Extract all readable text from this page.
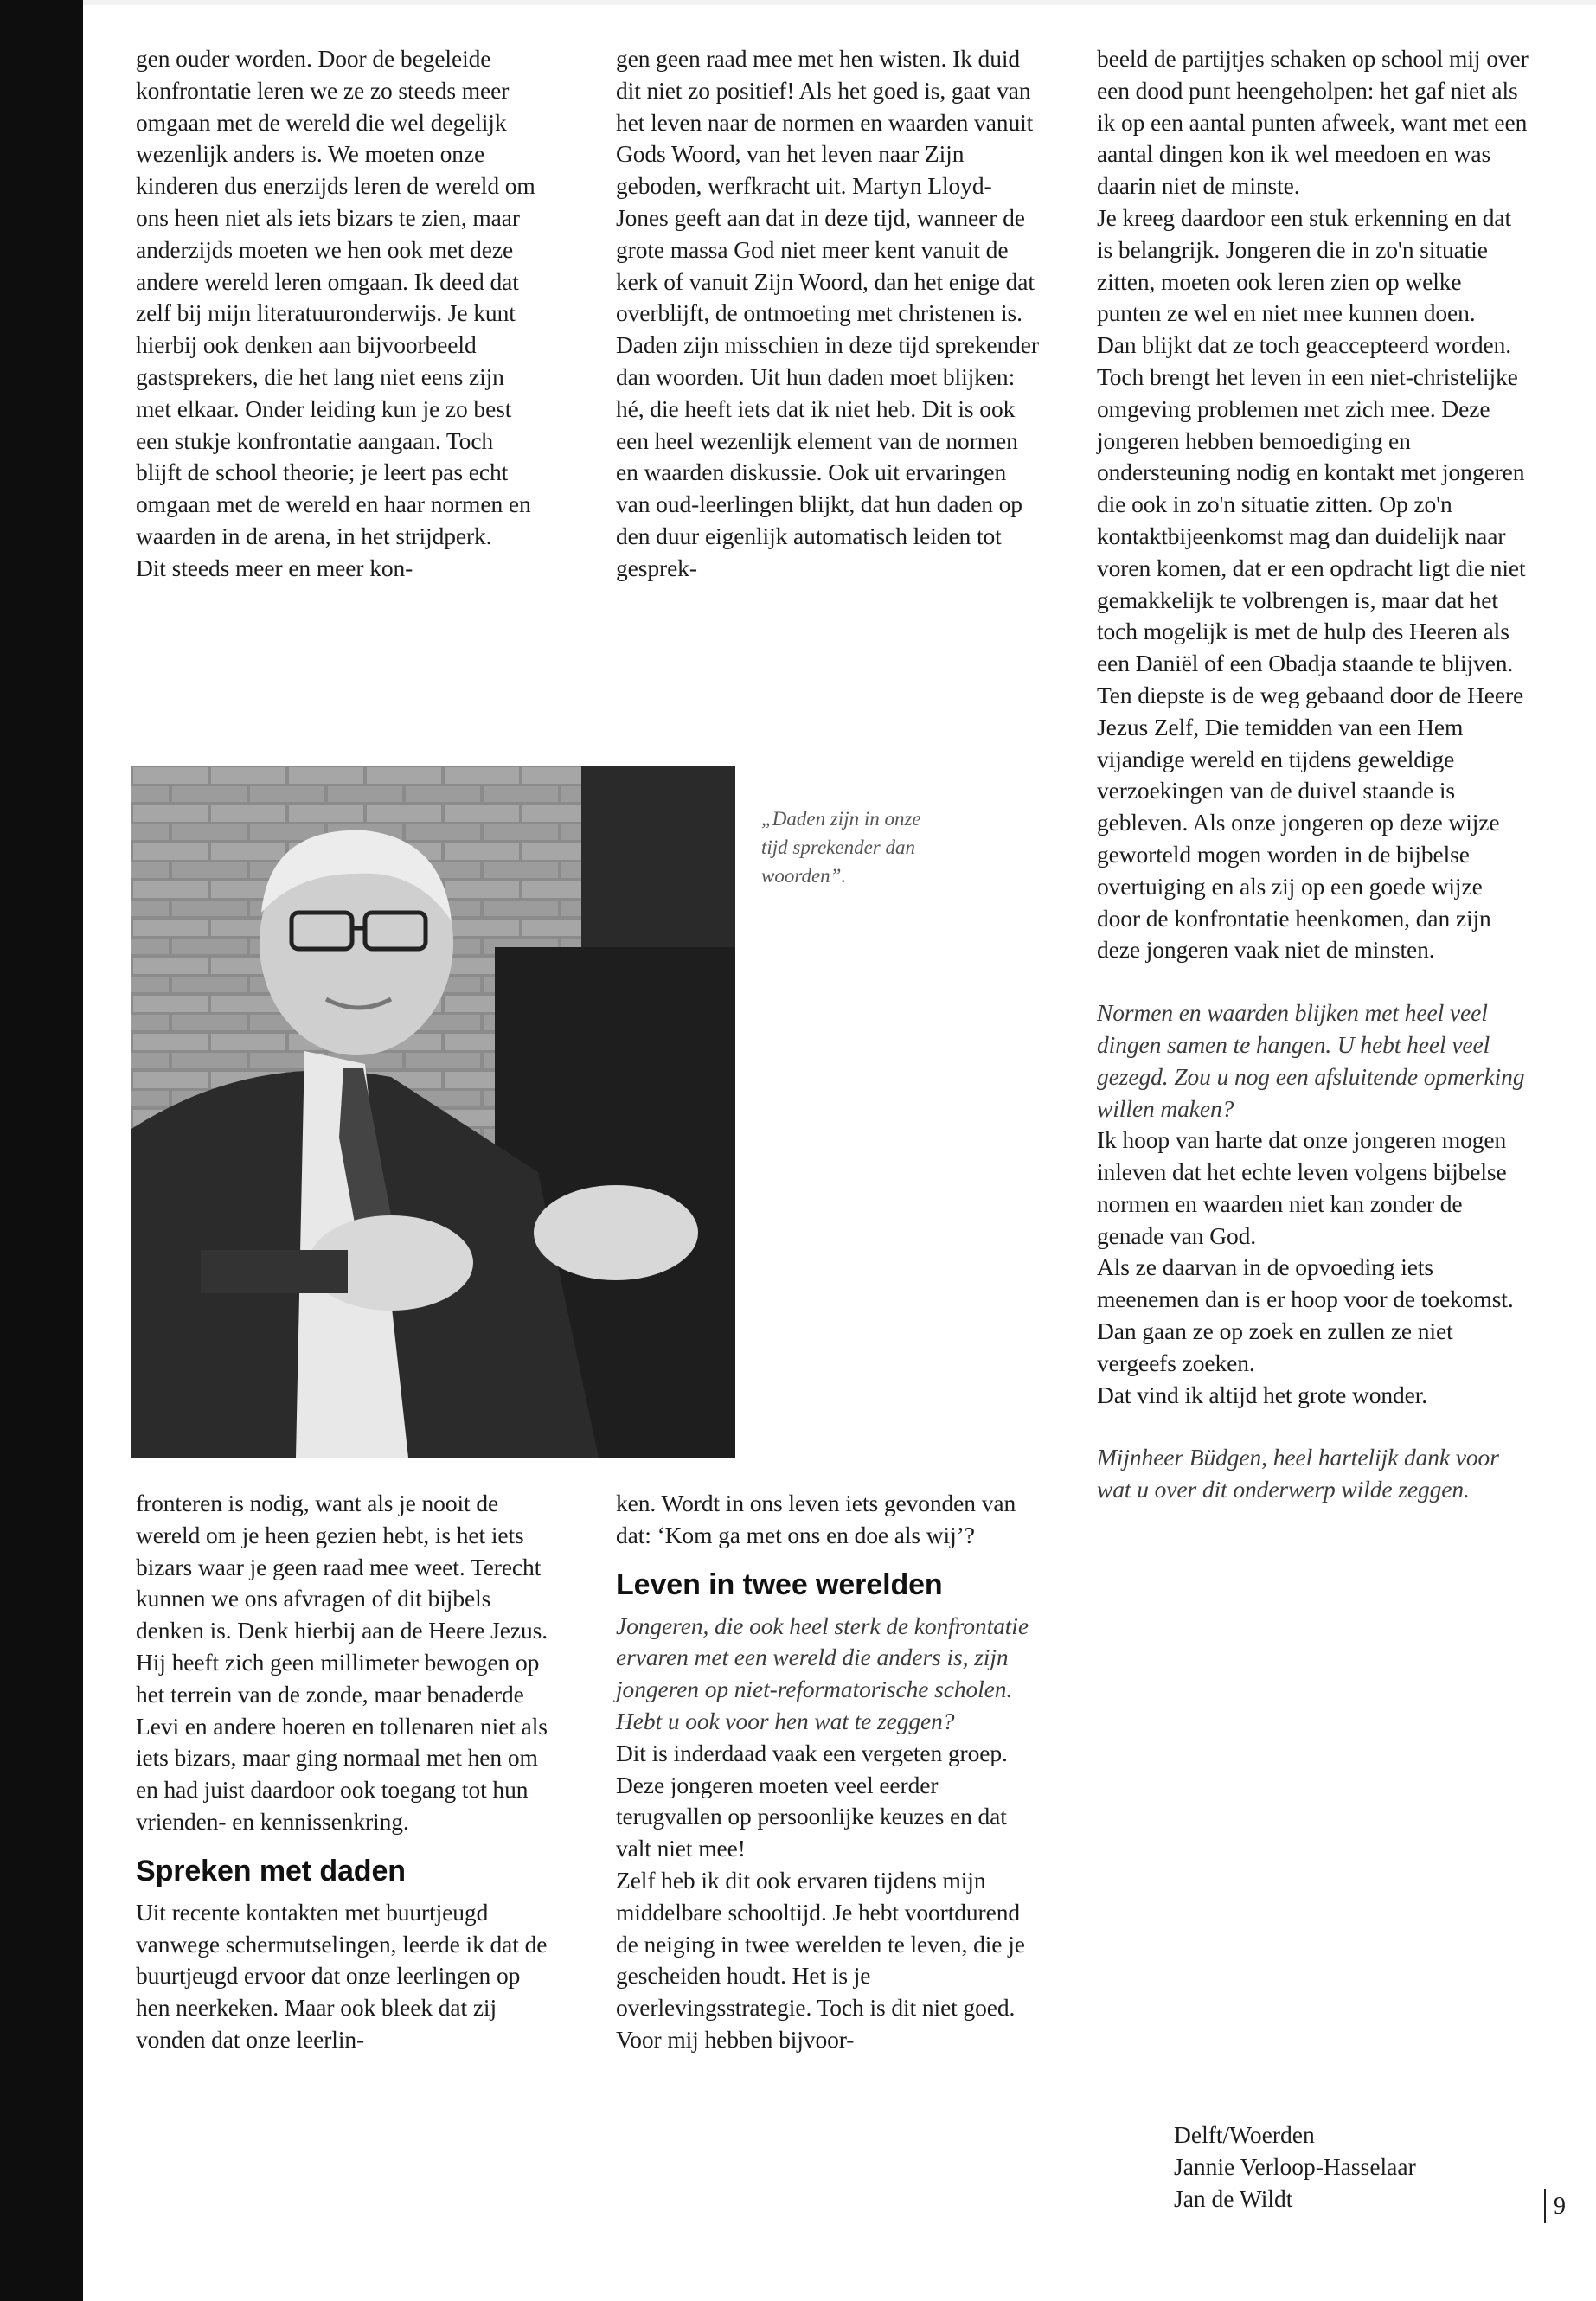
gen ouder worden. Door de begeleide konfrontatie leren we ze zo steeds meer omgaan met de wereld die wel degelijk wezenlijk anders is. We moeten onze kinderen dus enerzijds leren de wereld om ons heen niet als iets bizars te zien, maar anderzijds moeten we hen ook met deze andere wereld leren omgaan. Ik deed dat zelf bij mijn literatuuronderwijs. Je kunt hierbij ook denken aan bijvoorbeeld gastsprekers, die het lang niet eens zijn met elkaar. Onder leiding kun je zo best een stukje konfrontatie aangaan. Toch blijft de school theorie; je leert pas echt omgaan met de wereld en haar normen en waarden in de arena, in het strijdperk.

Dit steeds meer en meer kon-

gen geen raad mee met hen wisten. Ik duid dit niet zo positief! Als het goed is, gaat van het leven naar de normen en waarden vanuit Gods Woord, van het leven naar Zijn geboden, werfkracht uit. Martyn Lloyd-Jones geeft aan dat in deze tijd, wanneer de grote massa God niet meer kent vanuit de kerk of vanuit Zijn Woord, dan het enige dat overblijft, de ontmoeting met christenen is. Daden zijn misschien in deze tijd sprekender dan woorden. Uit hun daden moet blijken: hé, die heeft iets dat ik niet heb. Dit is ook een heel wezenlijk element van de normen en waarden diskussie. Ook uit ervaringen van oud-leerlingen blijkt, dat hun daden op den duur eigenlijk automatisch leiden tot gesprek-

beeld de partijtjes schaken op school mij over een dood punt heengeholpen: het gaf niet als ik op een aantal punten afweek, want met een aantal dingen kon ik wel meedoen en was daarin niet de minste.

Je kreeg daardoor een stuk erkenning en dat is belangrijk. Jongeren die in zo'n situatie zitten, moeten ook leren zien op welke punten ze wel en niet mee kunnen doen.

Dan blijkt dat ze toch geaccepteerd worden.

Toch brengt het leven in een niet-christelijke omgeving problemen met zich mee. Deze jongeren hebben bemoediging en ondersteuning nodig en kontakt met jongeren die ook in zo'n situatie zitten. Op zo'n kontaktbijeenkomst mag dan duidelijk naar voren komen, dat er een opdracht ligt die niet gemakkelijk te volbrengen is, maar dat het toch mogelijk is met de hulp des Heeren als een Daniël of een Obadja staande te blijven. Ten diepste is de weg gebaand door de Heere Jezus Zelf, Die temidden van een Hem vijandige wereld en tijdens geweldige verzoekingen van de duivel staande is gebleven. Als onze jongeren op deze wijze geworteld mogen worden in de bijbelse overtuiging en als zij op een goede wijze door de konfrontatie heenkomen, dan zijn deze jongeren vaak niet de minsten.

Normen en waarden blijken met heel veel dingen samen te hangen. U hebt heel veel gezegd. Zou u nog een afsluitende opmerking willen maken?

Ik hoop van harte dat onze jongeren mogen inleven dat het echte leven volgens bijbelse normen en waarden niet kan zonder de genade van God.

Als ze daarvan in de opvoeding iets meenemen dan is er hoop voor de toekomst.

Dan gaan ze op zoek en zullen ze niet vergeefs zoeken.

Dat vind ik altijd het grote wonder.

Mijnheer Büdgen, heel hartelijk dank voor wat u over dit onderwerp wilde zeggen.

„Daden zijn in onze tijd sprekender dan woorden”.

fronteren is nodig, want als je nooit de wereld om je heen gezien hebt, is het iets bizars waar je geen raad mee weet. Terecht kunnen we ons afvragen of dit bijbels denken is. Denk hierbij aan de Heere Jezus. Hij heeft zich geen millimeter bewogen op het terrein van de zonde, maar benaderde Levi en andere hoeren en tollenaren niet als iets bizars, maar ging normaal met hen om en had juist daardoor ook toegang tot hun vrienden- en kennissenkring.

Spreken met daden

Uit recente kontakten met buurtjeugd vanwege schermutselingen, leerde ik dat de buurtjeugd ervoor dat onze leerlingen op hen neerkeken. Maar ook bleek dat zij vonden dat onze leerlin-

ken. Wordt in ons leven iets gevonden van dat: ‘Kom ga met ons en doe als wij’?

Leven in twee werelden

Jongeren, die ook heel sterk de konfrontatie ervaren met een wereld die anders is, zijn jongeren op niet-reformatorische scholen. Hebt u ook voor hen wat te zeggen?

Dit is inderdaad vaak een vergeten groep. Deze jongeren moeten veel eerder terugvallen op persoonlijke keuzes en dat valt niet mee!

Zelf heb ik dit ook ervaren tijdens mijn middelbare schooltijd. Je hebt voortdurend de neiging in twee werelden te leven, die je gescheiden houdt. Het is je overlevingsstrategie. Toch is dit niet goed. Voor mij hebben bijvoor-

Delft/Woerden

Jannie Verloop-Hasselaar

Jan de Wildt	9
